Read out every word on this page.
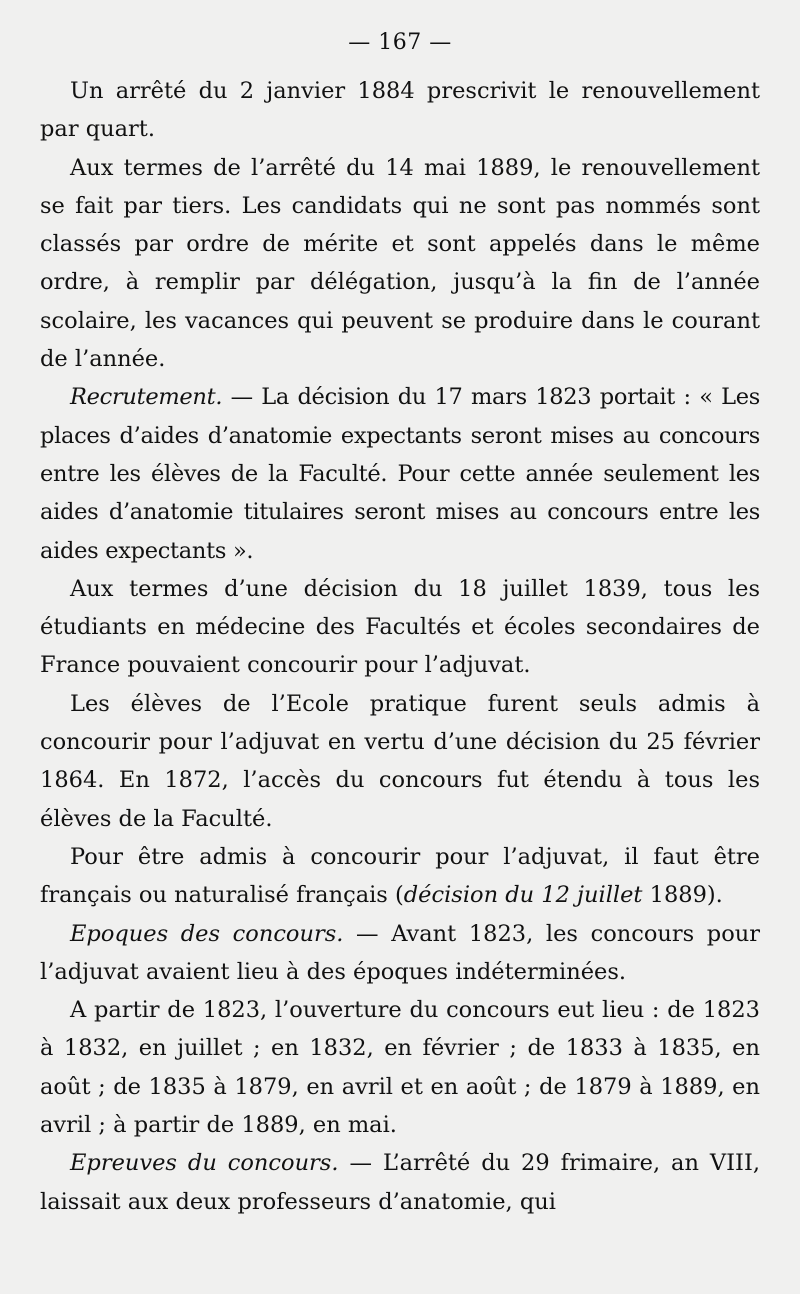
— 167 —

Un arrêté du 2 janvier 1884 prescrivit le renouvellement par quart.

Aux termes de l’arrêté du 14 mai 1889, le renouvellement se fait par tiers. Les candidats qui ne sont pas nommés sont classés par ordre de mérite et sont appelés dans le même ordre, à remplir par délégation, jusqu’à la fin de l’année scolaire, les vacances qui peuvent se produire dans le courant de l’année.

Recrutement. — La décision du 17 mars 1823 portait : « Les places d’aides d’anatomie expectants seront mises au concours entre les élèves de la Faculté. Pour cette année seulement les aides d’anatomie titulaires seront mises au concours entre les aides expectants ».

Aux termes d’une décision du 18 juillet 1839, tous les étudiants en médecine des Facultés et écoles secondaires de France pouvaient concourir pour l’adjuvat.

Les élèves de l’Ecole pratique furent seuls admis à concourir pour l’adjuvat en vertu d’une décision du 25 février 1864. En 1872, l’accès du concours fut étendu à tous les élèves de la Faculté.

Pour être admis à concourir pour l’adjuvat, il faut être français ou naturalisé français (décision du 12 juillet 1889).

Epoques des concours. — Avant 1823, les concours pour l’adjuvat avaient lieu à des époques indéterminées.

A partir de 1823, l’ouverture du concours eut lieu : de 1823 à 1832, en juillet ; en 1832, en février ; de 1833 à 1835, en août ; de 1835 à 1879, en avril et en août ; de 1879 à 1889, en avril ; à partir de 1889, en mai.

Epreuves du concours. — L’arrêté du 29 frimaire, an VIII, laissait aux deux professeurs d’anatomie, qui
